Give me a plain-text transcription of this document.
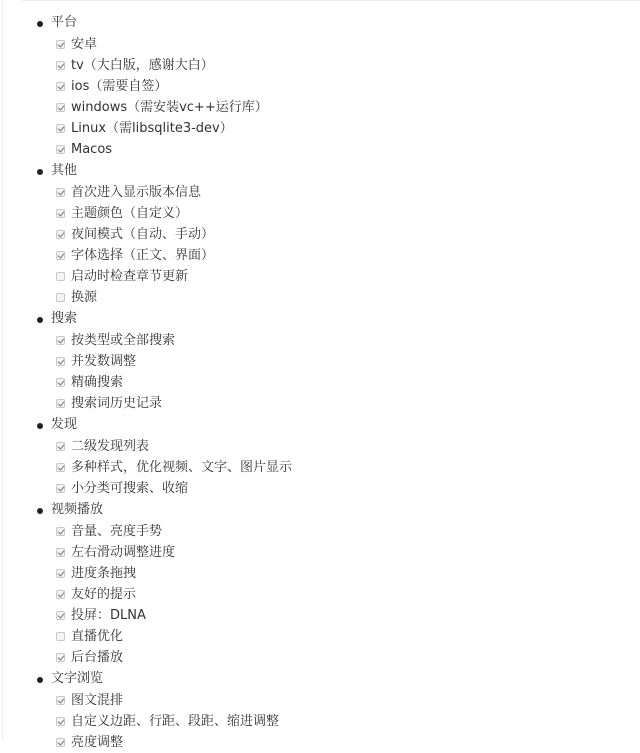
平台
安卓
tv（大白版，感谢大白）
ios（需要自签）
windows（需安装vc++运行库）
Linux（需libsqlite3-dev）
Macos
其他
首次进入显示版本信息
主题颜色（自定义）
夜间模式（自动、手动）
字体选择（正文、界面）
启动时检查章节更新
换源
搜索
按类型或全部搜索
并发数调整
精确搜索
搜索词历史记录
发现
二级发现列表
多种样式，优化视频、文字、图片显示
小分类可搜索、收缩
视频播放
音量、亮度手势
左右滑动调整进度
进度条拖拽
友好的提示
投屏：DLNA
直播优化
后台播放
文字浏览
图文混排
自定义边距、行距、段距、缩进调整
亮度调整
